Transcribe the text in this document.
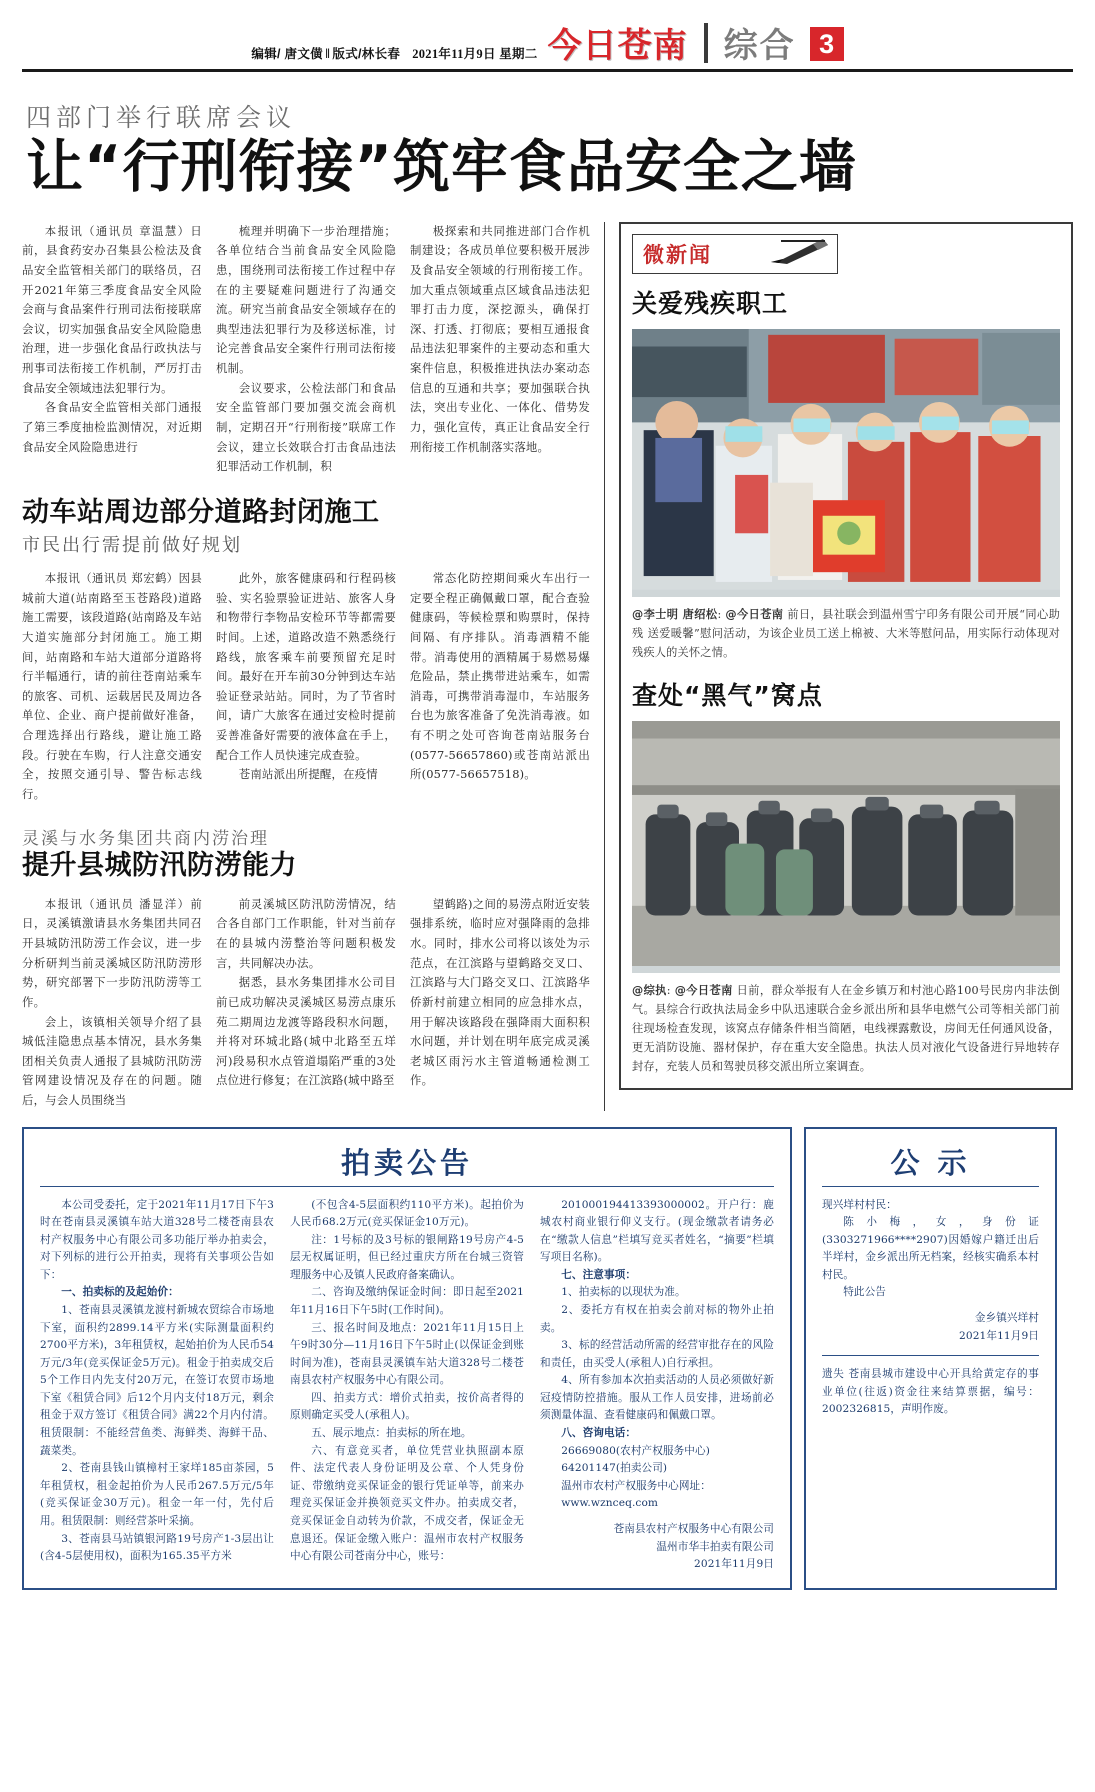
编辑/ 唐文僙 ‖ 版式/林长春 2021年11月9日 星期二 今日苍南 综合 3
四部门举行联席会议
让“行刑衔接”筑牢食品安全之墙

本报讯（通讯员 章温慧）日前，县食药安办召集县公检法及食品安全监管相关部门的联络员，召开2021年第三季度食品安全风险会商与食品案件行刑司法衔接联席会议，切实加强食品安全风险隐患治理，进一步强化食品行政执法与刑事司法衔接工作机制，严厉打击食品安全领域违法犯罪行为。

各食品安全监管相关部门通报了第三季度抽检监测情况，对近期食品安全风险隐患进行

梳理并明确下一步治理措施；各单位结合当前食品安全风险隐患，围绕刑司法衔接工作过程中存在的主要疑难问题进行了沟通交流。研究当前食品安全领域存在的典型违法犯罪行为及移送标准，讨论完善食品安全案件行刑司法衔接机制。

会议要求，公检法部门和食品安全监管部门要加强交流会商机制，定期召开“行刑衔接”联席工作会议，建立长效联合打击食品违法犯罪活动工作机制，积

极探索和共同推进部门合作机制建设；各成员单位要积极开展涉及食品安全领域的行刑衔接工作。加大重点领域重点区域食品违法犯罪打击力度，深挖源头，确保打深、打透、打彻底；要相互通报食品违法犯罪案件的主要动态和重大案件信息，积极推进执法办案动态信息的互通和共享；要加强联合执法，突出专业化、一体化、借势发力，强化宣传，真正让食品安全行刑衔接工作机制落实落地。

动车站周边部分道路封闭施工
市民出行需提前做好规划

本报讯（通讯员 郑宏鹤）因县城前大道(站南路至玉苍路段)道路施工需要，该段道路(站南路及车站大道实施部分封闭施工。施工期间，站南路和车站大道部分道路将行半幅通行，请的前往苍南站乘车的旅客、司机、运载居民及周边各单位、企业、商户提前做好准备，合理选择出行路线，避让施工路段。行驶在车购，行人注意交通安全，按照交通引导、警告标志线行。

此外，旅客健康码和行程码核验、实名验票验证进站、旅客人身和物带行李物品安检环节等都需要时间。上述，道路改造不熟悉绕行路线，旅客乘车前要预留充足时间。最好在开车前30分钟到达车站验证登录站站。同时，为了节省时间，请广大旅客在通过安检时提前妥善准备好需要的液体盒在手上，配合工作人员快速完成查验。

苍南站派出所提醒，在疫情

常态化防控期间乘火车出行一定要全程正确佩戴口罩，配合查验健康码，等候检票和购票时，保持间隔、有序排队。消毒酒精不能带。消毒使用的酒精属于易燃易爆危险品，禁止携带进站乘车，如需消毒，可携带消毒湿巾，车站服务台也为旅客准备了免洗消毒液。如有不明之处可咨询苍南站服务台(0577-56657860)或苍南站派出所(0577-56657518)。

灵溪与水务集团共商内涝治理
提升县城防汛防涝能力

本报讯（通讯员 潘显洋）前日，灵溪镇激请县水务集团共同召开县城防汛防涝工作会议，进一步分析研判当前灵溪城区防汛防涝形势，研究部署下一步防汛防涝等工作。

会上，该镇相关领导介绍了县城低洼隐患点基本情况，县水务集团相关负责人通报了县城防汛防涝管网建设情况及存在的问题。随后，与会人员围绕当

前灵溪城区防汛防涝情况，结合各自部门工作职能，针对当前存在的县城内涝整治等问题积极发言，共同解决办法。

据悉，县水务集团排水公司目前已成功解决灵溪城区易涝点康乐苑二期周边龙渡等路段积水问题，并将对环城北路(城中北路至五垟河)段易积水点管道塌陷严重的3处点位进行修复；在江滨路(城中路至

望鹤路)之间的易涝点附近安装强排系统，临时应对强降雨的急排水。同时，排水公司将以该处为示范点，在江滨路与望鹤路交叉口、江滨路与大门路交叉口、江滨路华侨新村前建立相同的应急排水点，用于解决该路段在强降雨大面积积水问题，并计划在明年底完成灵溪老城区雨污水主管道畅通检测工作。

微新闻
关爱残疾职工
@李士明 唐绍松: @今日苍南 前日，县社联会到温州雪宁印务有限公司开展“同心助残 送爱暖馨”慰问活动，为该企业员工送上棉被、大米等慰问品，用实际行动体现对残疾人的关怀之情。
查处“黑气”窝点
@综执: @今日苍南 日前，群众举报有人在金乡镇万和村池心路100号民房内非法倒气。县综合行政执法局金乡中队迅速联合金乡派出所和县华电燃气公司等相关部门前往现场检查发现，该窝点存储条件相当简陋，电线裸露敷设，房间无任何通风设备，更无消防设施、器材保护，存在重大安全隐患。执法人员对液化气设备进行异地转存封存，充装人员和驾驶员移交派出所立案调查。
拍卖公告

本公司受委托，定于2021年11月17日下午3时在苍南县灵溪镇车站大道328号二楼苍南县农村产权服务中心有限公司多功能厅举办拍卖会，对下列标的进行公开拍卖，现将有关事项公告如下：

一、拍卖标的及起始价：

1、苍南县灵溪镇龙渡村新城农贸综合市场地下室，面积约2899.14平方米(实际测量面积约2700平方米)，3年租赁权，起始拍价为人民币54万元/3年(竞买保证金5万元)。租金于拍卖成交后5个工作日内先支付20万元，在签订农贸市场地下室《租赁合同》后12个月内支付18万元，剩余租金于双方签订《租赁合同》满22个月内付清。租赁限制：不能经营鱼类、海鲜类、海鲜干品、蔬菜类。

2、苍南县钱山镇樟村王家垟185亩茶园，5年租赁权，租金起拍价为人民币267.5万元/5年(竞买保证金30万元)。租金一年一付，先付后用。租赁限制：则经营茶叶采摘。

3、苍南县马站镇银河路19号房产1-3层出让(含4-5层使用权)，面积为165.35平方米

(不包含4-5层面积约110平方米)。起拍价为人民币68.2万元(竞买保证金10万元)。

注：1号标的及3号标的银闸路19号房产4-5层无权属证明，但已经过重庆方所在台城三资管理服务中心及镇人民政府备案确认。

二、咨询及缴纳保证金时间：即日起至2021年11月16日下午5时(工作时间)。

三、报名时间及地点：2021年11月15日上午9时30分—11月16日下午5时止(以保证金到账时间为准)，苍南县灵溪镇车站大道328号二楼苍南县农村产权服务中心有限公司。

四、拍卖方式：增价式拍卖，按价高者得的原则确定买受人(承租人)。

五、展示地点：拍卖标的所在地。

六、有意竞买者，单位凭营业执照副本原件、法定代表人身份证明及公章、个人凭身份证、带缴纳竞买保证金的银行凭证单等，前来办理竞买保证金并换领竞买文件办。拍卖成交者，竞买保证金自动转为价款，不成交者，保证金无息退还。保证金缴入账户：温州市农村产权服务中心有限公司苍南分中心，账号：

201000194413393000002。开户行：鹿城农村商业银行仰义支行。(现金缴款者请务必在“缴款人信息”栏填写竞买者姓名，“摘要”栏填写项目名称)。

七、注意事项：

1、拍卖标的以现状为准。

2、委托方有权在拍卖会前对标的物外止拍卖。

3、标的经营活动所需的经营审批存在的风险和责任，由买受人(承租人)自行承担。

4、所有参加本次拍卖活动的人员必须做好新冠疫情防控措施。服从工作人员安排，进场前必须测量体温、查看健康码和佩戴口罩。

八、咨询电话：

26669080(农村产权服务中心)

64201147(拍卖公司)

温州市农村产权服务中心网址：

www.wznceq.com

苍南县农村产权服务中心有限公司

温州市华丰拍卖有限公司

2021年11月9日

公 示

现兴垟村村民：

陈小梅，女，身份证(3303271966****2907)因婚嫁户籍迁出后半垟村，金乡派出所无档案，经核实确系本村村民。

特此公告

金乡镇兴垟村

2021年11月9日

遗失 苍南县城市建设中心开具给黄定存的事业单位(往返)资金往来结算票据，编号：2002326815，声明作废。
